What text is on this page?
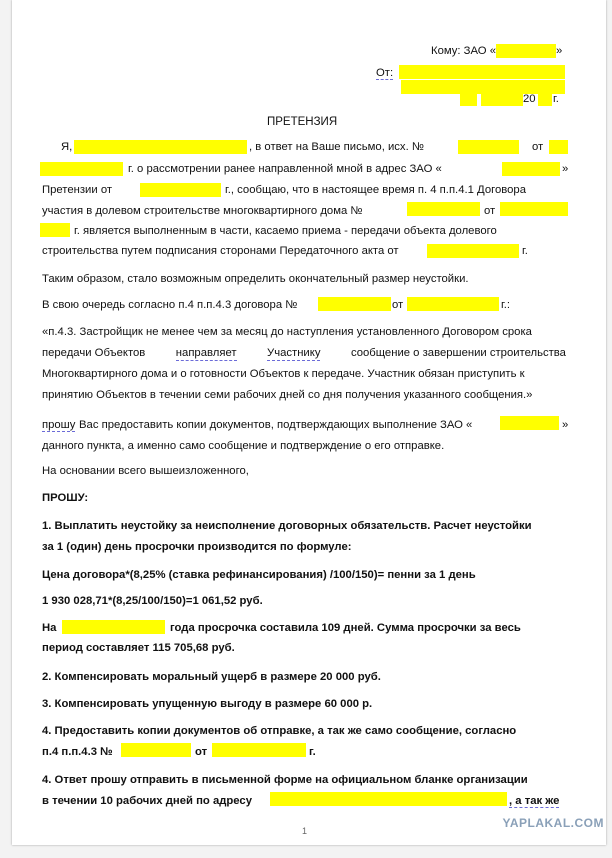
Кому: ЗАО «	»
От:
20 г.
ПРЕТЕНЗИЯ
Я,	, в ответ на Ваше письмо, исх. №	от
г. о рассмотрении ранее направленной мной в адрес ЗАО «	»
Претензии от	г., сообщаю, что в настоящее время п. 4 п.п.4.1 Договора
участия в долевом строительстве многоквартирного дома №	от
г. является выполненным в части, касаемо приема - передачи объекта долевого
строительства путем подписания сторонами Передаточного акта от	г.
Таким образом, стало возможным определить окончательный размер неустойки.
В свою очередь согласно п.4 п.п.4.3 договора №	от	г.:
«п.4.3. Застройщик не менее чем за месяц до наступления установленного Договором срока
передачи Объектов	направляет	Участнику	сообщение о завершении строительства
Многоквартирного дома и о готовности Объектов к передаче. Участник обязан приступить к
принятию Объектов в течении семи рабочих дней со дня получения указанного сообщения.»
прошу Вас предоставить копии документов, подтверждающих выполнение ЗАО «	»
данного пункта, а именно само сообщение и подтверждение о его отправке.
На основании всего вышеизложенного,
ПРОШУ:
1. Выплатить неустойку за неисполнение договорных обязательств. Расчет неустойки
за 1 (один) день просрочки производится по формуле:
Цена договора*(8,25% (ставка рефинансирования) /100/150)= пенни за 1 день
1 930 028,71*(8,25/100/150)=1 061,52 руб.
На	года просрочка составила 109 дней. Сумма просрочки за весь
период составляет 115 705,68 руб.
2. Компенсировать моральный ущерб в размере 20 000 руб.
3. Компенсировать упущенную выгоду в размере 60 000 р.
4. Предоставить копии документов об отправке, а так же само сообщение, согласно
п.4 п.п.4.3 №	от	г.
4. Ответ прошу отправить в письменной форме на официальном бланке организации
в течении 10 рабочих дней по адресу	, а так же
1
YAPLAKAL.COM
